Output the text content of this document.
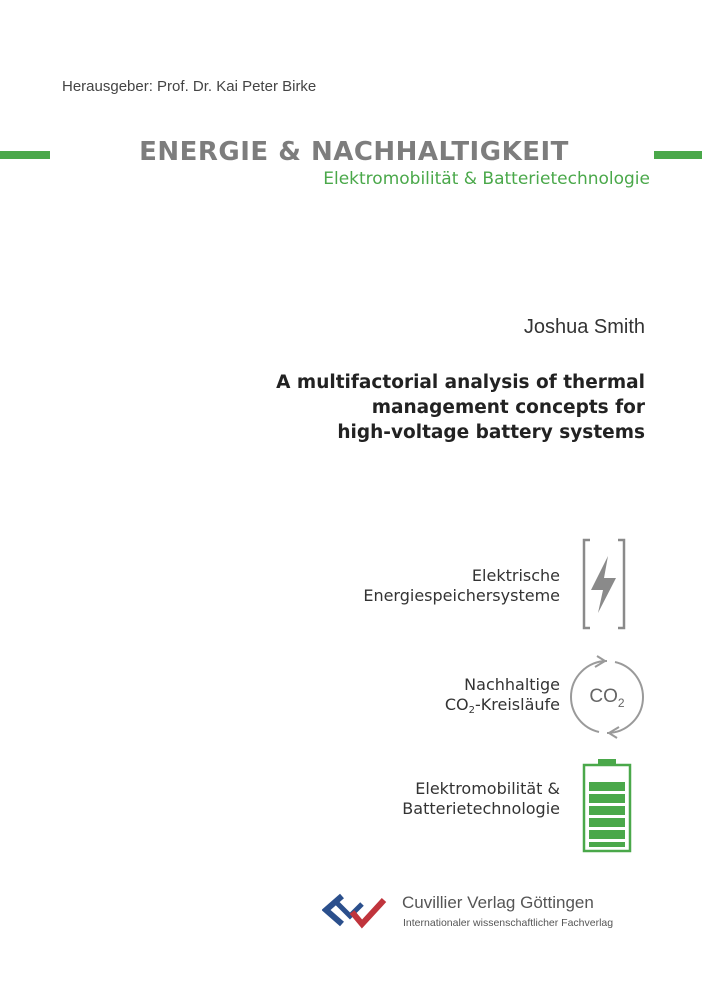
Herausgeber: Prof. Dr. Kai Peter Birke
ENERGIE & NACHHALTIGKEIT
Elektromobilität & Batterietechnologie
Joshua Smith
A multifactorial analysis of thermal
management concepts for
high-voltage battery systems
Elektrische
Energiespeichersysteme
Nachhaltige
$CO_2$-Kreisläufe $CO_2$
Elektromobilität &
Batterietechnologie
Cuvillier Verlag Göttingen
Internationaler wissenschaftlicher Fachverlag
